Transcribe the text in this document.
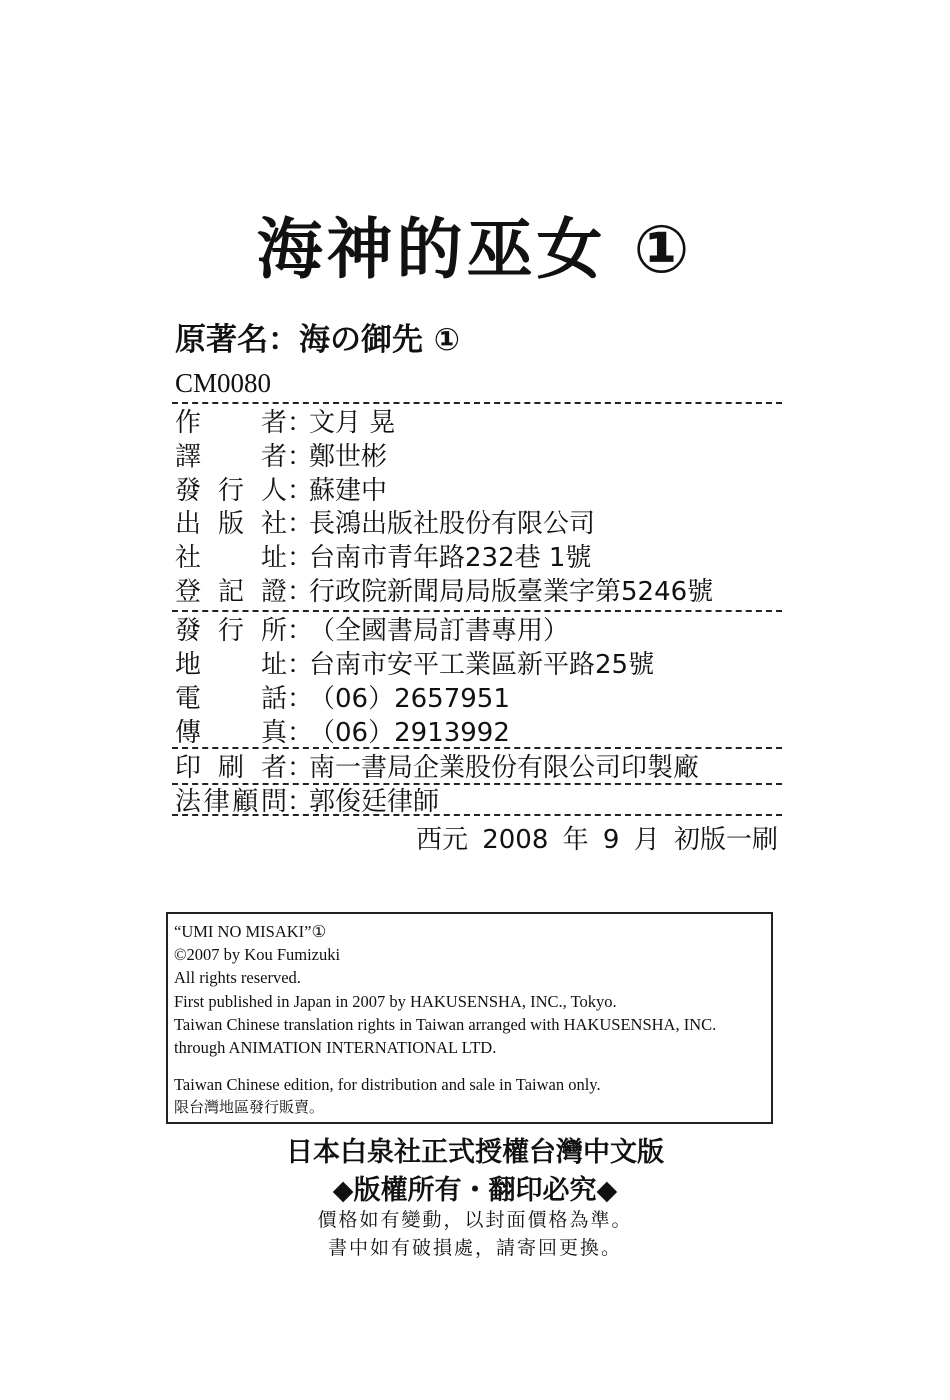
海神的巫女 ①
原著名：海の御先 ①
CM0080
作 者 ：
文月 晃
譯 者 ：
鄭世彬
發 行 人 ：
蘇建中
出 版 社 ：
長鴻出版社股份有限公司
社 址 ：
台南市青年路232巷 1號
登 記 證 ：
行政院新聞局局版臺業字第5246號
發 行 所 ：
（全國書局訂書專用）
地 址 ：
台南市安平工業區新平路25號
電 話 ：
（06）2657951
傳 真 ：
（06）2913992
印 刷 者 ：
南一書局企業股份有限公司印製廠
法 律 顧 問 ：
郭俊廷律師
西元 2008 年 9 月 初版一刷
“UMI NO MISAKI”①
©2007 by Kou Fumizuki
All rights reserved.
First published in Japan in 2007 by HAKUSENSHA, INC., Tokyo.
Taiwan Chinese translation rights in Taiwan arranged with HAKUSENSHA, INC.
through ANIMATION INTERNATIONAL LTD.
Taiwan Chinese edition, for distribution and sale in Taiwan only.
限台灣地區發行販賣。
日本白泉社正式授權台灣中文版
◆版權所有・翻印必究◆
價格如有變動，以封面價格為準。
書中如有破損處，請寄回更換。
